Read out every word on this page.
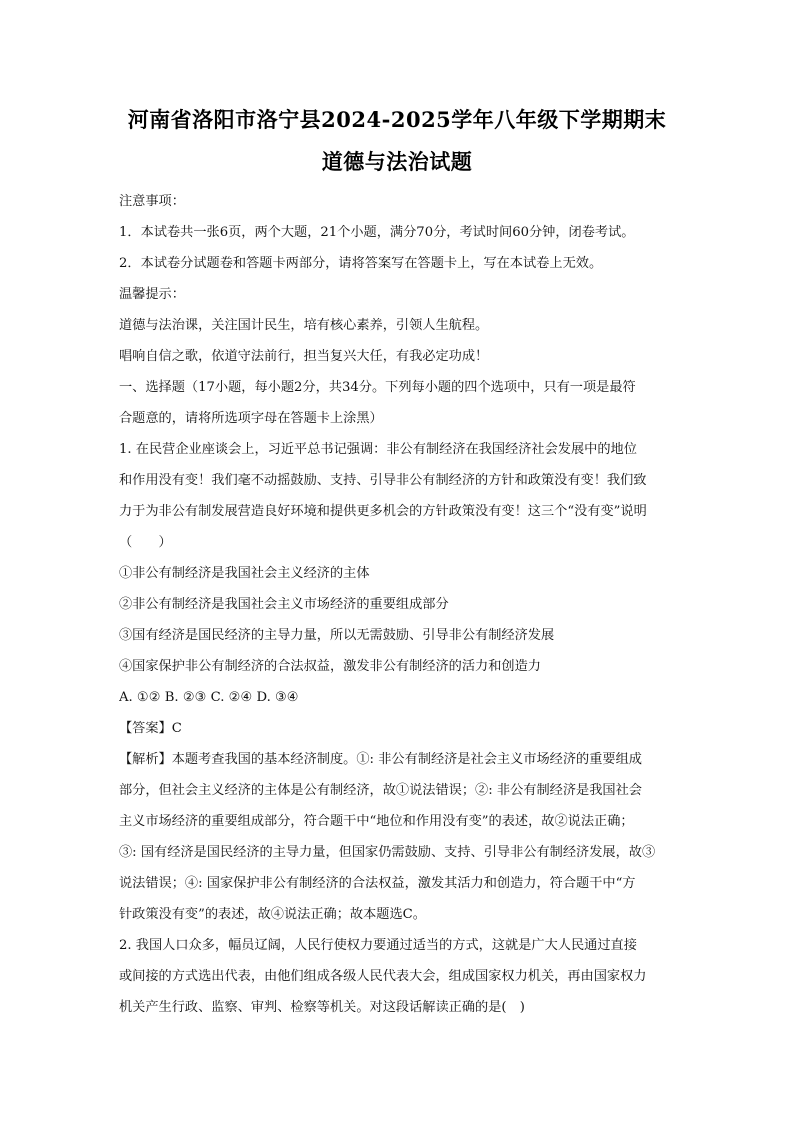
河南省洛阳市洛宁县2024-2025学年八年级下学期期末
道德与法治试题
注意事项：
1．本试卷共一张6页，两个大题，21个小题，满分70分，考试时间60分钟，闭卷考试。
2．本试卷分试题卷和答题卡两部分，请将答案写在答题卡上，写在本试卷上无效。
温馨提示：
道德与法治课，关注国计民生，培有核心素养，引领人生航程。
唱响自信之歌，依道守法前行，担当复兴大任，有我必定功成！
一、选择题（17小题，每小题2分，共34分。下列每小题的四个选项中，只有一项是最符
合题意的，请将所选项字母在答题卡上涂黑）
1. 在民营企业座谈会上，习近平总书记强调：非公有制经济在我国经济社会发展中的地位
和作用没有变！我们毫不动摇鼓励、支持、引导非公有制经济的方针和政策没有变！我们致
力于为非公有制发展营造良好环境和提供更多机会的方针政策没有变！这三个“没有变”说明
（　　）
①非公有制经济是我国社会主义经济的主体
②非公有制经济是我国社会主义市场经济的重要组成部分
③国有经济是国民经济的主导力量，所以无需鼓励、引导非公有制经济发展
④国家保护非公有制经济的合法叔益，激发非公有制经济的活力和创造力
A. ①② B. ②③ C. ②④ D. ③④
【答案】C
【解析】本题考查我国的基本经济制度。①: 非公有制经济是社会主义市场经济的重要组成
部分，但社会主义经济的主体是公有制经济，故①说法错误；②: 非公有制经济是我国社会
主义市场经济的重要组成部分，符合题干中“地位和作用没有变”的表述，故②说法正确；
③: 国有经济是国民经济的主导力量，但国家仍需鼓励、支持、引导非公有制经济发展，故③
说法错误；④: 国家保护非公有制经济的合法权益，激发其活力和创造力，符合题干中“方
针政策没有变”的表述，故④说法正确；故本题选C。
2. 我国人口众多，幅员辽阔，人民行使权力要通过适当的方式，这就是广大人民通过直接
或间接的方式选出代表，由他们组成各级人民代表大会，组成国家权力机关，再由国家权力
机关产生行政、监察、审判、检察等机关。对这段话解读正确的是(　)
